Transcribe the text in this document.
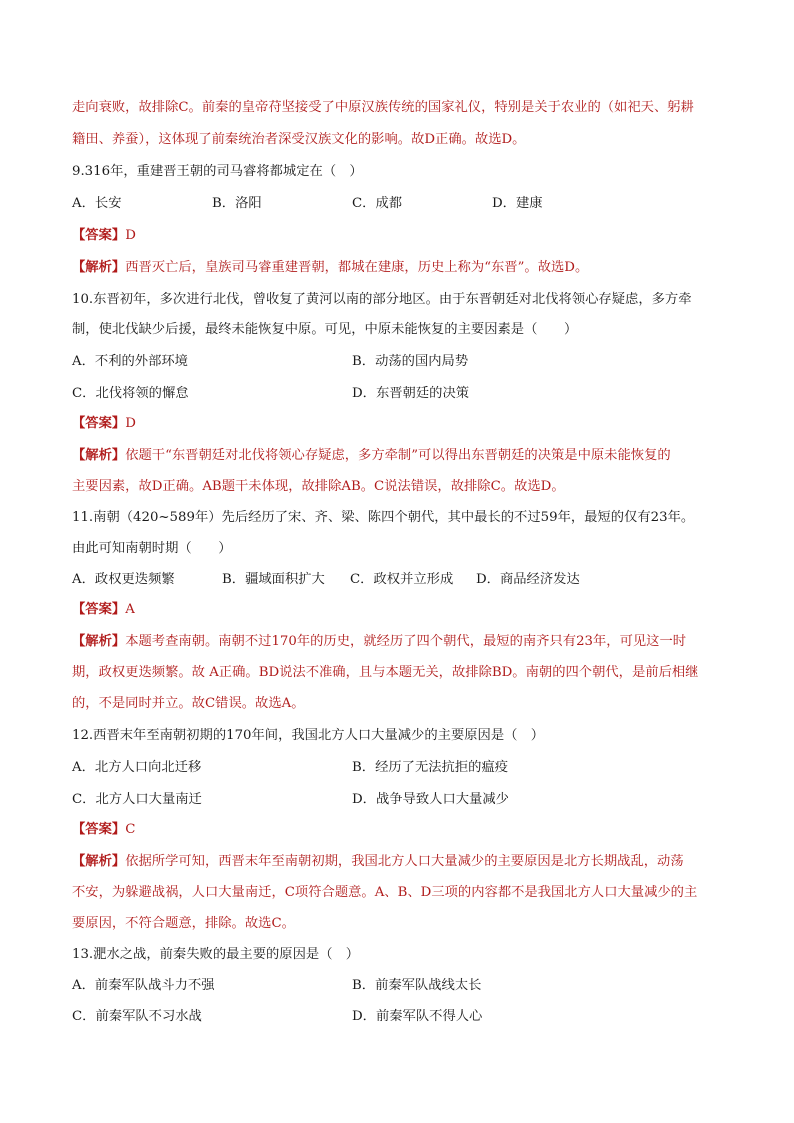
走向衰败，故排除C。前秦的皇帝苻坚接受了中原汉族传统的国家礼仪，特别是关于农业的（如祀天、躬耕
籍田、养蚕），这体现了前秦统治者深受汉族文化的影响。故D正确。故选D。
9.316年，重建晋王朝的司马睿将都城定在（　）
A．长安	B．洛阳	C．成都	D．建康
【答案】D
【解析】西晋灭亡后，皇族司马睿重建晋朝，都城在建康，历史上称为“东晋”。故选D。
10.东晋初年，多次进行北伐，曾收复了黄河以南的部分地区。由于东晋朝廷对北伐将领心存疑虑，多方牵
制，使北伐缺少后援，最终未能恢复中原。可见，中原未能恢复的主要因素是（　　）
A．不利的外部环境	B．动荡的国内局势
C．北伐将领的懈怠	D．东晋朝廷的决策
【答案】D
【解析】依题干“东晋朝廷对北伐将领心存疑虑，多方牵制”可以得出东晋朝廷的决策是中原未能恢复的
主要因素，故D正确。AB题干未体现，故排除AB。C说法错误，故排除C。故选D。
11.南朝（420~589年）先后经历了宋、齐、梁、陈四个朝代，其中最长的不过59年，最短的仅有23年。
由此可知南朝时期（　　）
A．政权更迭频繁	B．疆域面积扩大 C．政权并立形成 D．商品经济发达
【答案】A
【解析】本题考查南朝。南朝不过170年的历史，就经历了四个朝代，最短的南齐只有23年，可见这一时
期，政权更迭频繁。故 A正确。BD说法不准确，且与本题无关，故排除BD。南朝的四个朝代，是前后相继
的，不是同时并立。故C错误。故选A。
12.西晋末年至南朝初期的170年间，我国北方人口大量减少的主要原因是（　）
A．北方人口向北迁移	B．经历了无法抗拒的瘟疫
C．北方人口大量南迁	D．战争导致人口大量减少
【答案】C
【解析】依据所学可知，西晋末年至南朝初期，我国北方人口大量减少的主要原因是北方长期战乱，动荡
不安，为躲避战祸，人口大量南迁，C项符合题意。A、B、D三项的内容都不是我国北方人口大量减少的主
要原因，不符合题意，排除。故选C。
13.淝水之战，前秦失败的最主要的原因是（　）
A．前秦军队战斗力不强	B．前秦军队战线太长
C．前秦军队不习水战	D．前秦军队不得人心
